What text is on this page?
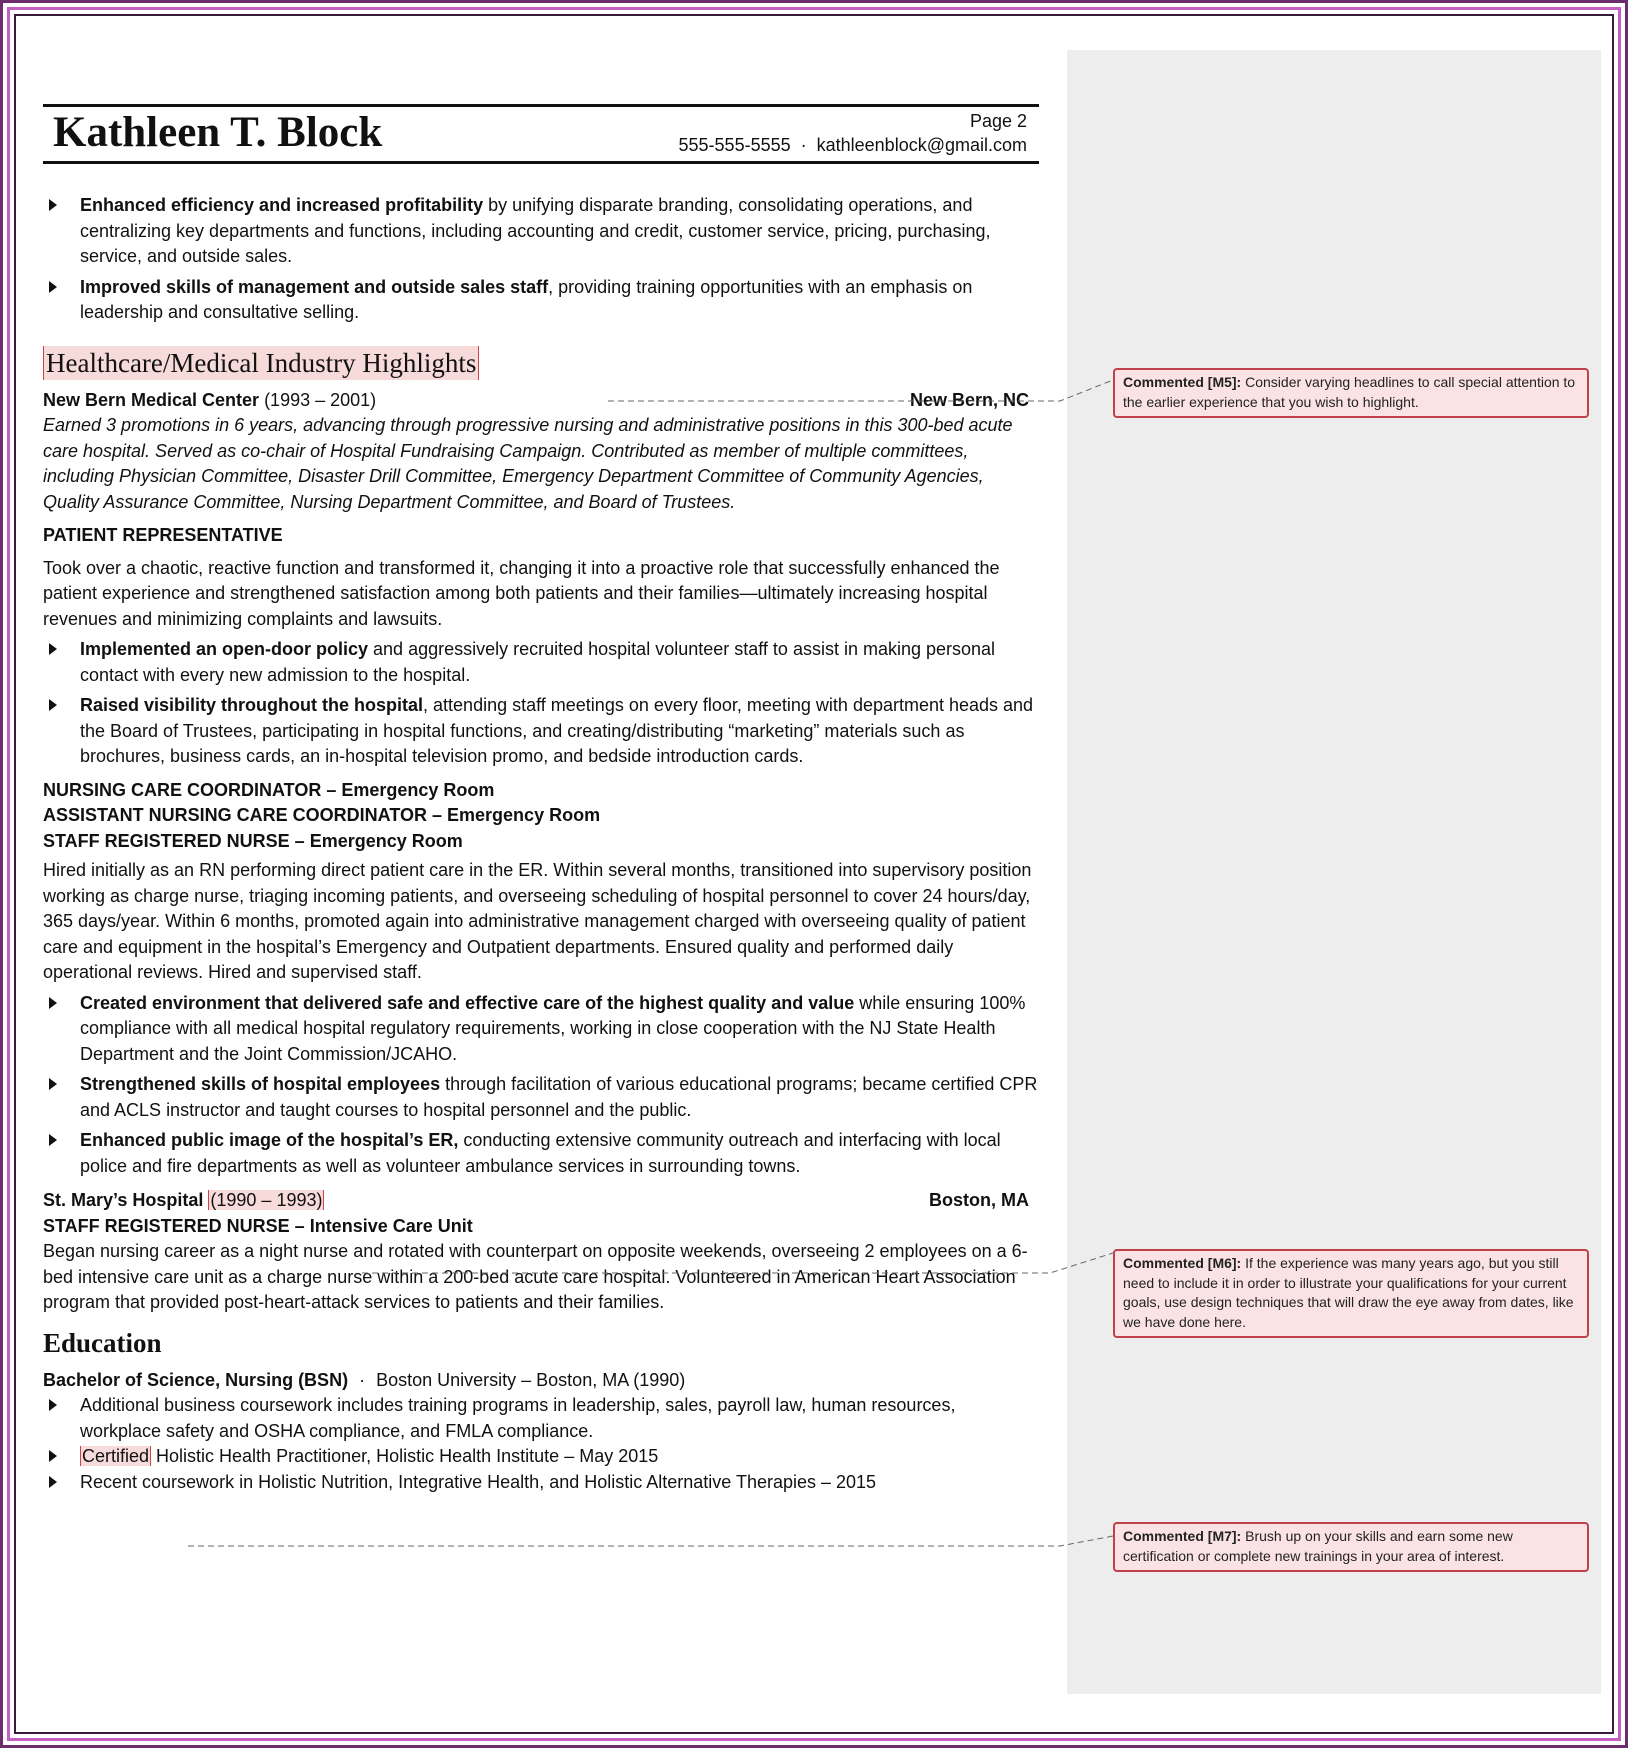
Kathleen T. Block	Page 2
555-555-5555 · kathleenblock@gmail.com
Enhanced efficiency and increased profitability by unifying disparate branding, consolidating operations, and centralizing key departments and functions, including accounting and credit, customer service, pricing, purchasing, service, and outside sales.
Improved skills of management and outside sales staff, providing training opportunities with an emphasis on leadership and consultative selling.
Healthcare/Medical Industry Highlights
New Bern Medical Center (1993 – 2001)	New Bern, NC
Earned 3 promotions in 6 years, advancing through progressive nursing and administrative positions in this 300-bed acute care hospital. Served as co-chair of Hospital Fundraising Campaign. Contributed as member of multiple committees, including Physician Committee, Disaster Drill Committee, Emergency Department Committee of Community Agencies, Quality Assurance Committee, Nursing Department Committee, and Board of Trustees.
PATIENT REPRESENTATIVE
Took over a chaotic, reactive function and transformed it, changing it into a proactive role that successfully enhanced the patient experience and strengthened satisfaction among both patients and their families—ultimately increasing hospital revenues and minimizing complaints and lawsuits.
Implemented an open-door policy and aggressively recruited hospital volunteer staff to assist in making personal contact with every new admission to the hospital.
Raised visibility throughout the hospital, attending staff meetings on every floor, meeting with department heads and the Board of Trustees, participating in hospital functions, and creating/distributing “marketing” materials such as brochures, business cards, an in-hospital television promo, and bedside introduction cards.
NURSING CARE COORDINATOR – Emergency Room
ASSISTANT NURSING CARE COORDINATOR – Emergency Room
STAFF REGISTERED NURSE – Emergency Room
Hired initially as an RN performing direct patient care in the ER. Within several months, transitioned into supervisory position working as charge nurse, triaging incoming patients, and overseeing scheduling of hospital personnel to cover 24 hours/day, 365 days/year. Within 6 months, promoted again into administrative management charged with overseeing quality of patient care and equipment in the hospital’s Emergency and Outpatient departments. Ensured quality and performed daily operational reviews. Hired and supervised staff.
Created environment that delivered safe and effective care of the highest quality and value while ensuring 100% compliance with all medical hospital regulatory requirements, working in close cooperation with the NJ State Health Department and the Joint Commission/JCAHO.
Strengthened skills of hospital employees through facilitation of various educational programs; became certified CPR and ACLS instructor and taught courses to hospital personnel and the public.
Enhanced public image of the hospital’s ER, conducting extensive community outreach and interfacing with local police and fire departments as well as volunteer ambulance services in surrounding towns.
St. Mary’s Hospital (1990 – 1993)	Boston, MA
STAFF REGISTERED NURSE – Intensive Care Unit
Began nursing career as a night nurse and rotated with counterpart on opposite weekends, overseeing 2 employees on a 6-bed intensive care unit as a charge nurse within a 200-bed acute care hospital. Volunteered in American Heart Association program that provided post-heart-attack services to patients and their families.
Education
Bachelor of Science, Nursing (BSN) · Boston University – Boston, MA (1990)
Additional business coursework includes training programs in leadership, sales, payroll law, human resources, workplace safety and OSHA compliance, and FMLA compliance.
Certified Holistic Health Practitioner, Holistic Health Institute – May 2015
Recent coursework in Holistic Nutrition, Integrative Health, and Holistic Alternative Therapies – 2015
Commented [M5]: Consider varying headlines to call special attention to the earlier experience that you wish to highlight.
Commented [M6]: If the experience was many years ago, but you still need to include it in order to illustrate your qualifications for your current goals, use design techniques that will draw the eye away from dates, like we have done here.
Commented [M7]: Brush up on your skills and earn some new certification or complete new trainings in your area of interest.
